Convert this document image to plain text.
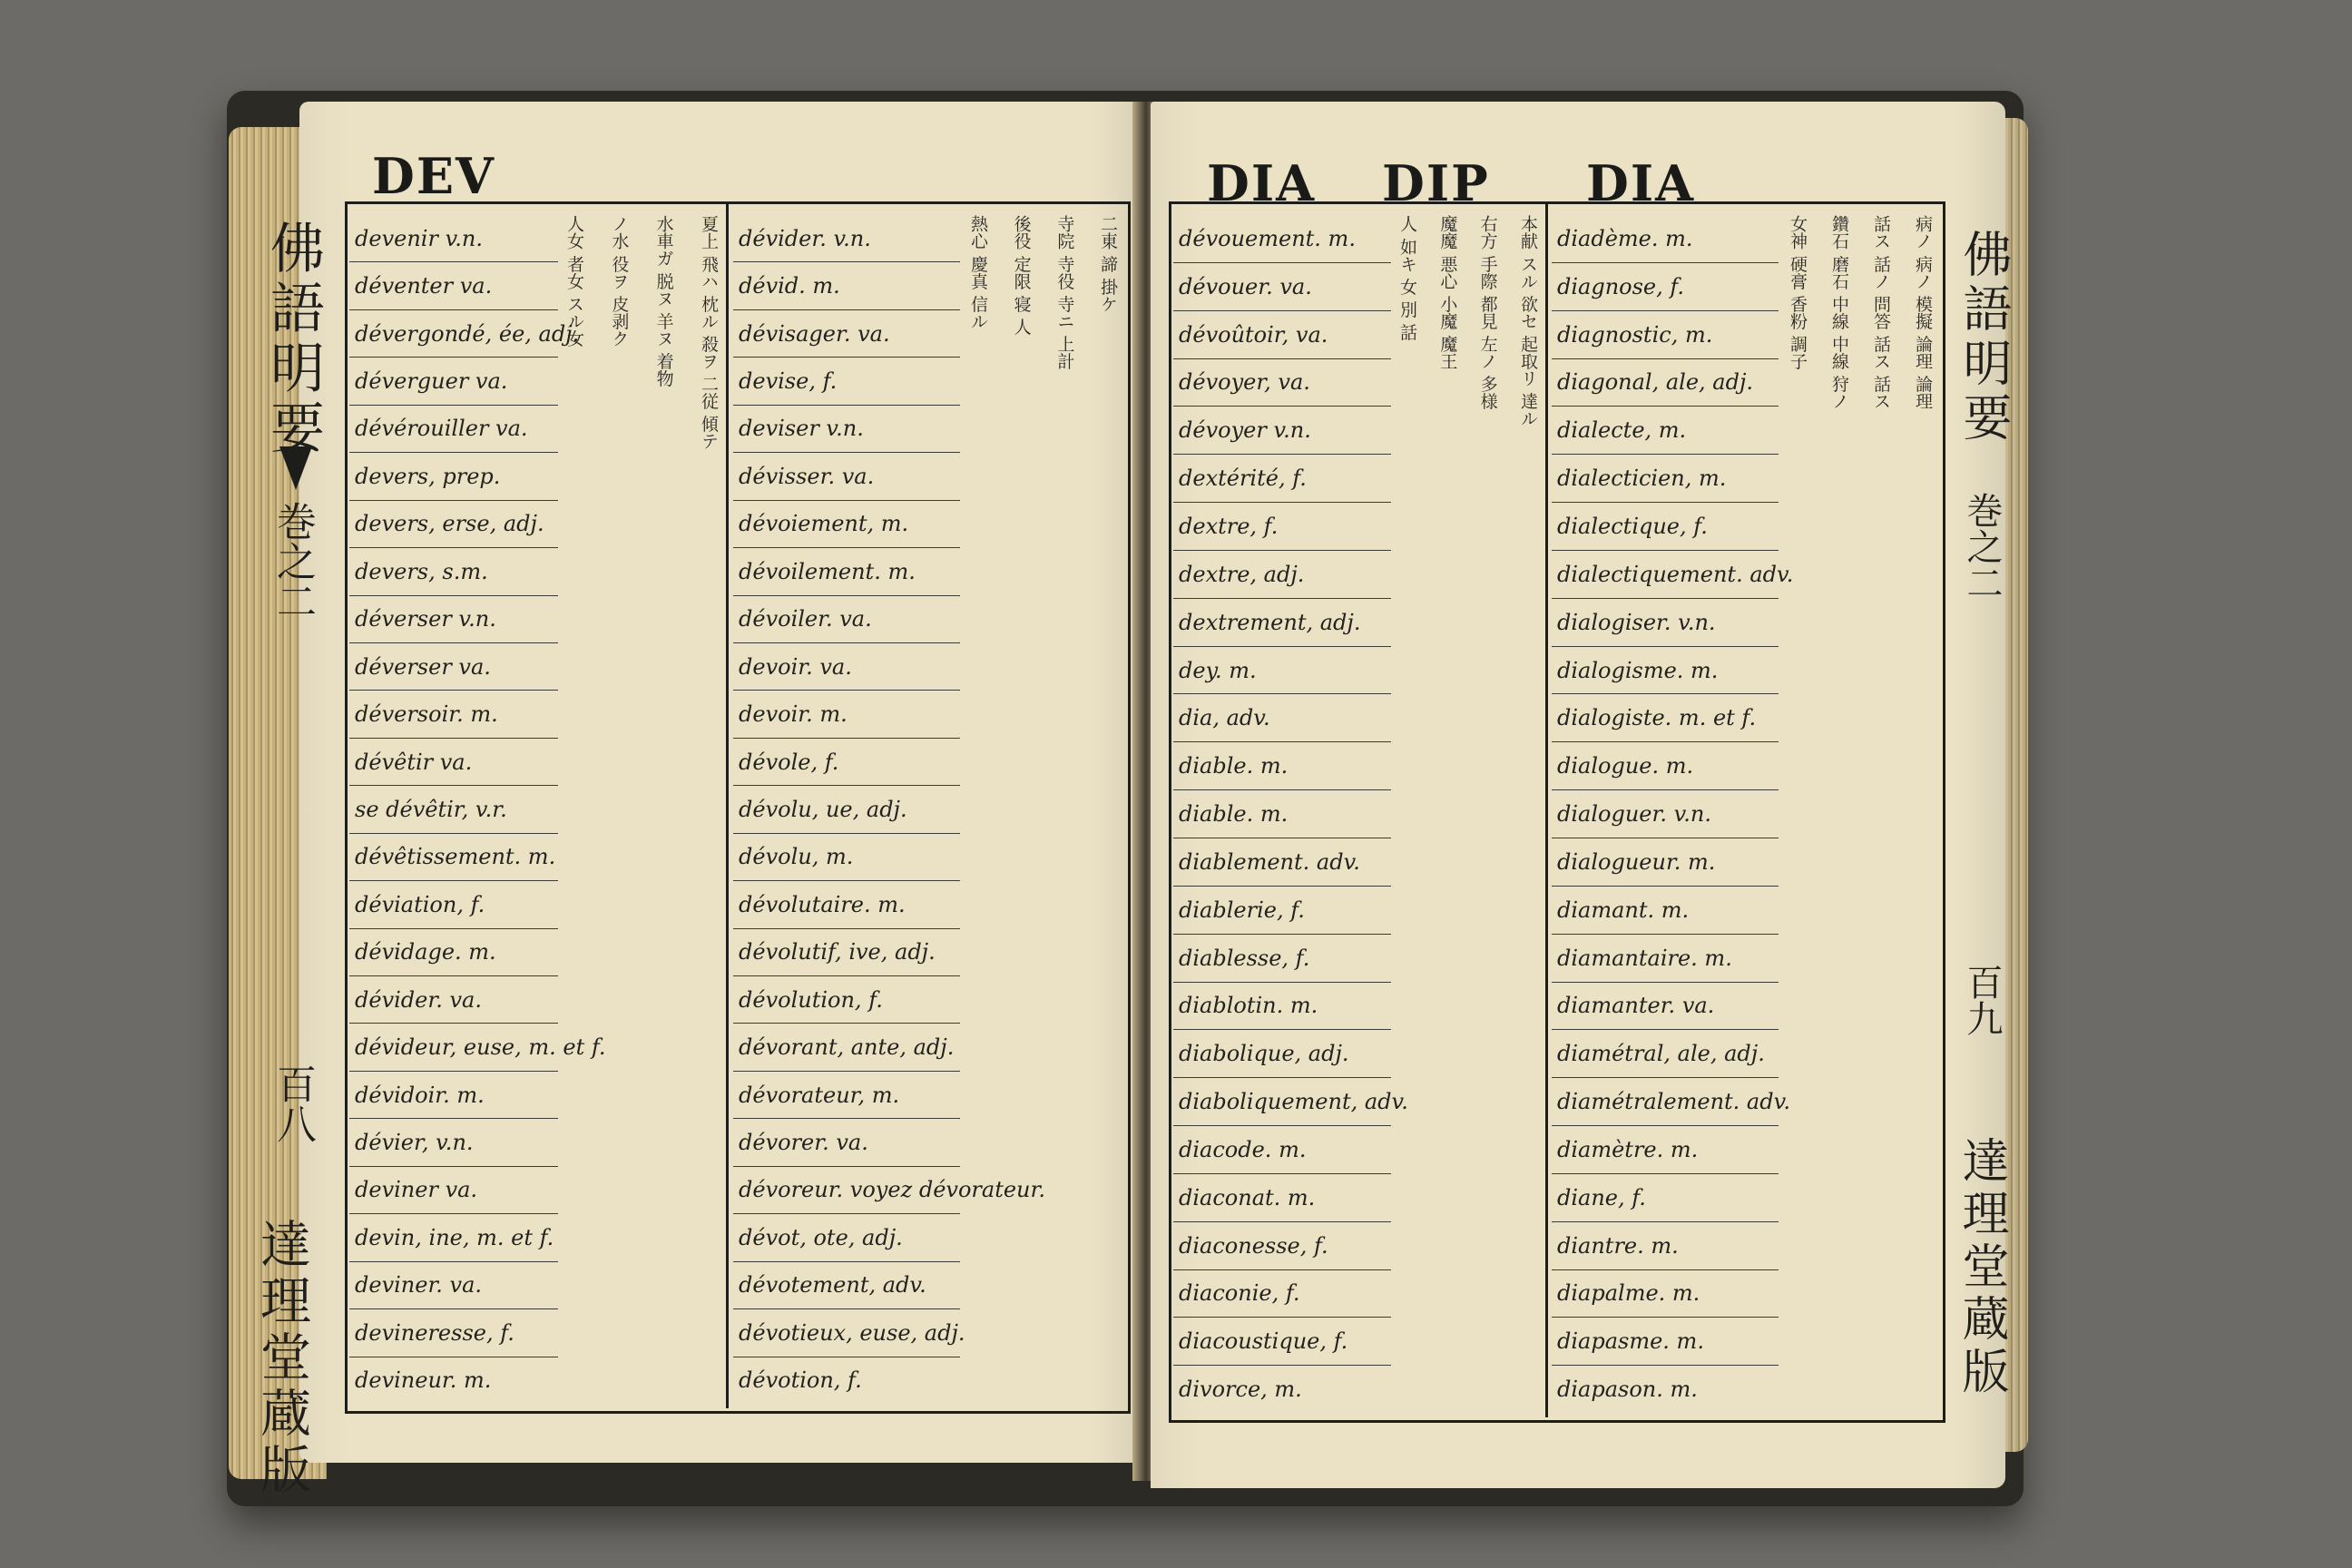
DEV
佛語明要
巻之二
百八
達理堂蔵版
devenir v.n.
déventer va.
dévergondé, ée, adj.
déverguer va.
dévérouiller va.
devers, prep.
devers, erse, adj.
devers, s.m.
déverser v.n.
déverser va.
déversoir. m.
dévêtir va.
se dévêtir, v.r.
dévêtissement. m.
déviation, f.
dévidage. m.
dévider. va.
dévideur, euse, m. et f.
dévidoir. m.
dévier, v.n.
deviner va.
devin, ine, m. et f.
deviner. va.
devineresse, f.
devineur. m.
夏上 飛ハ 枕ル 殺ヲ 二従 傾テ
水車ガ 脱ヌ 羊ヌ 着物
ノ水 役ヲ 皮剥ク
人女 者女 スル女	dévider. v.n.
dévid. m.
dévisager. va.
devise, f.
deviser v.n.
dévisser. va.
dévoiement, m.
dévoilement. m.
dévoiler. va.
devoir. va.
devoir. m.
dévole, f.
dévolu, ue, adj.
dévolu, m.
dévolutaire. m.
dévolutif, ive, adj.
dévolution, f.
dévorant, ante, adj.
dévorateur, m.
dévorer. va.
dévoreur. voyez dévorateur.
dévot, ote, adj.
dévotement, adv.
dévotieux, euse, adj.
dévotion, f.
二東 諦 掛ケ
寺院 寺役 寺ニ 上計
後役 定限 寝 人
熱心 慶真 信ル
DIA DIP DIA
dévouement. m.
dévouer. va.
dévoûtoir, va.
dévoyer, va.
dévoyer v.n.
dextérité, f.
dextre, f.
dextre, adj.
dextrement, adj.
dey. m.
dia, adv.
diable. m.
diable. m.
diablement. adv.
diablerie, f.
diablesse, f.
diablotin. m.
diabolique, adj.
diaboliquement, adv.
diacode. m.
diaconat. m.
diaconesse, f.
diaconie, f.
diacoustique, f.
divorce, m.
本献 スル 欲セ 起取リ 達ル
右方 手際 都見 左ノ 多様
魔魔 悪心 小魔 魔王
人 如キ 女 別 話	diadème. m.
diagnose, f.
diagnostic, m.
diagonal, ale, adj.
dialecte, m.
dialecticien, m.
dialectique, f.
dialectiquement. adv.
dialogiser. v.n.
dialogisme. m.
dialogiste. m. et f.
dialogue. m.
dialoguer. v.n.
dialogueur. m.
diamant. m.
diamantaire. m.
diamanter. va.
diamétral, ale, adj.
diamétralement. adv.
diamètre. m.
diane, f.
diantre. m.
diapalme. m.
diapasme. m.
diapason. m.
病ノ 病ノ 模擬 論理 論理
話ス 話ノ 問答 話ス 話ス
鑽石 磨石 中線 中線 狩ノ
女神 硬膏 香粉 調子	佛語明要
巻之二
百九
達理堂蔵版
